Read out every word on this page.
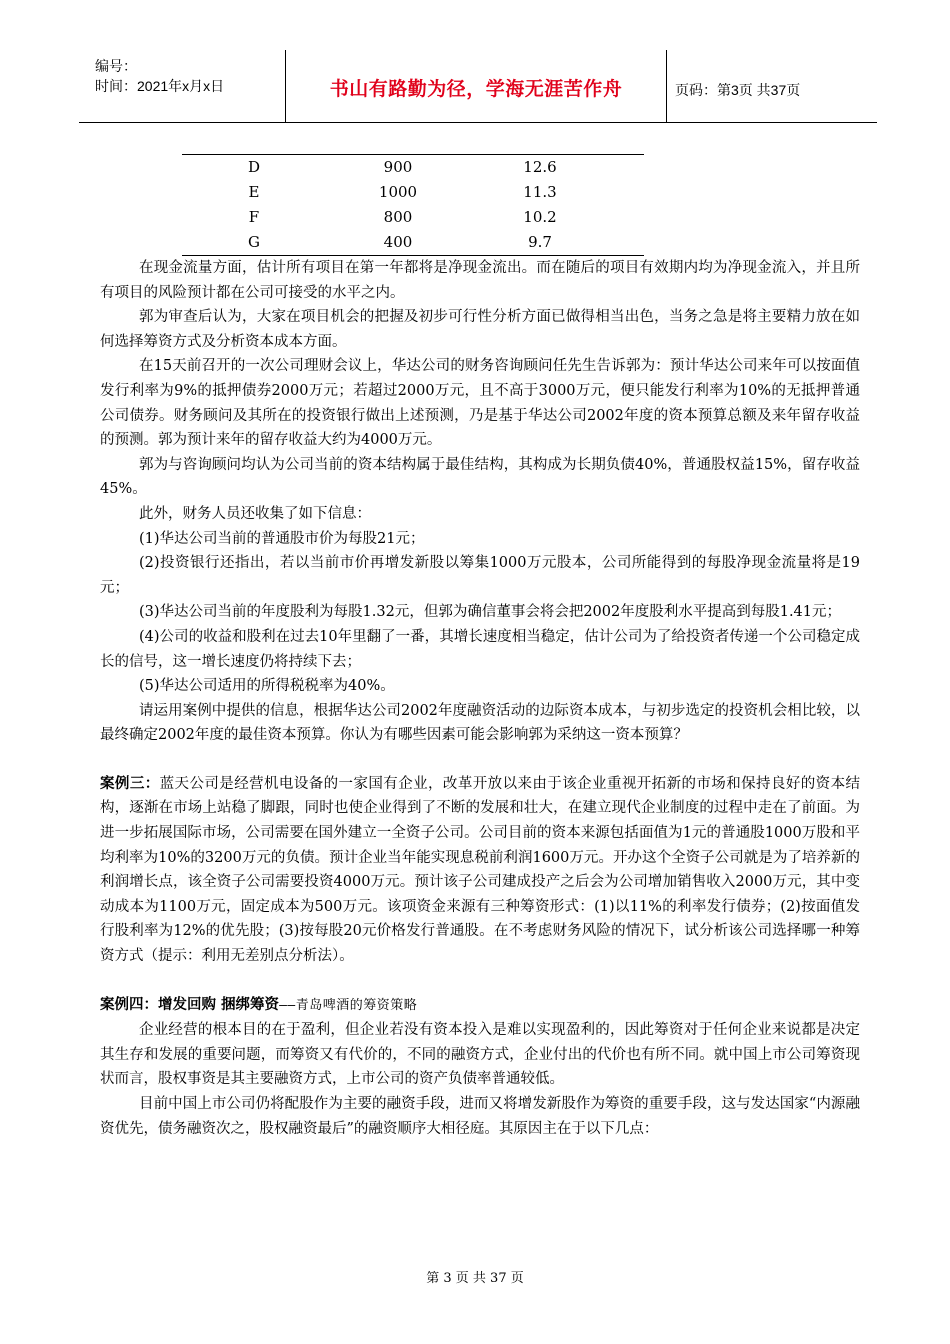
编号：
时间：2021年x月x日	书山有路勤为径，学海无涯苦作舟	页码：第3页 共37页
D	900	12.6
E	1000	11.3
F	800	10.2
G	400	9.7

在现金流量方面，估计所有项目在第一年都将是净现金流出。而在随后的项目有效期内均为净现金流入，并且所有项目的风险预计都在公司可接受的水平之内。

郭为审查后认为，大家在项目机会的把握及初步可行性分析方面已做得相当出色，当务之急是将主要精力放在如何选择筹资方式及分析资本成本方面。

在15天前召开的一次公司理财会议上，华达公司的财务咨询顾问任先生告诉郭为：预计华达公司来年可以按面值发行利率为9%的抵押债券2000万元；若超过2000万元，且不高于3000万元，便只能发行利率为10%的无抵押普通公司债券。财务顾问及其所在的投资银行做出上述预测，乃是基于华达公司2002年度的资本预算总额及来年留存收益的预测。郭为预计来年的留存收益大约为4000万元。

郭为与咨询顾问均认为公司当前的资本结构属于最佳结构，其构成为长期负债40%，普通股权益15%，留存收益45%。

此外，财务人员还收集了如下信息：

(1)华达公司当前的普通股市价为每股21元；

(2)投资银行还指出，若以当前市价再增发新股以筹集1000万元股本，公司所能得到的每股净现金流量将是19元；

(3)华达公司当前的年度股利为每股1.32元，但郭为确信董事会将会把2002年度股利水平提高到每股1.41元；

(4)公司的收益和股利在过去10年里翻了一番，其增长速度相当稳定，估计公司为了给投资者传递一个公司稳定成长的信号，这一增长速度仍将持续下去；

(5)华达公司适用的所得税税率为40%。

请运用案例中提供的信息，根据华达公司2002年度融资活动的边际资本成本，与初步选定的投资机会相比较，以最终确定2002年度的最佳资本预算。你认为有哪些因素可能会影响郭为采纳这一资本预算？

案例三：蓝天公司是经营机电设备的一家国有企业，改革开放以来由于该企业重视开拓新的市场和保持良好的资本结构，逐渐在市场上站稳了脚跟，同时也使企业得到了不断的发展和壮大，在建立现代企业制度的过程中走在了前面。为进一步拓展国际市场，公司需要在国外建立一全资子公司。公司目前的资本来源包括面值为1元的普通股1000万股和平均利率为10%的3200万元的负债。预计企业当年能实现息税前利润1600万元。开办这个全资子公司就是为了培养新的利润增长点，该全资子公司需要投资4000万元。预计该子公司建成投产之后会为公司增加销售收入2000万元，其中变动成本为1100万元，固定成本为500万元。该项资金来源有三种筹资形式：(1)以11%的利率发行债券；(2)按面值发行股利率为12%的优先股；(3)按每股20元价格发行普通股。在不考虑财务风险的情况下，试分析该公司选择哪一种筹资方式（提示：利用无差别点分析法）。

案例四：增发回购 捆绑筹资——青岛啤酒的筹资策略

企业经营的根本目的在于盈利，但企业若没有资本投入是难以实现盈利的，因此筹资对于任何企业来说都是决定其生存和发展的重要问题，而筹资又有代价的，不同的融资方式，企业付出的代价也有所不同。就中国上市公司筹资现状而言，股权事资是其主要融资方式，上市公司的资产负债率普通较低。

目前中国上市公司仍将配股作为主要的融资手段，进而又将增发新股作为筹资的重要手段，这与发达国家“内源融资优先，债务融资次之，股权融资最后”的融资顺序大相径庭。其原因主在于以下几点：

第 3 页 共 37 页
